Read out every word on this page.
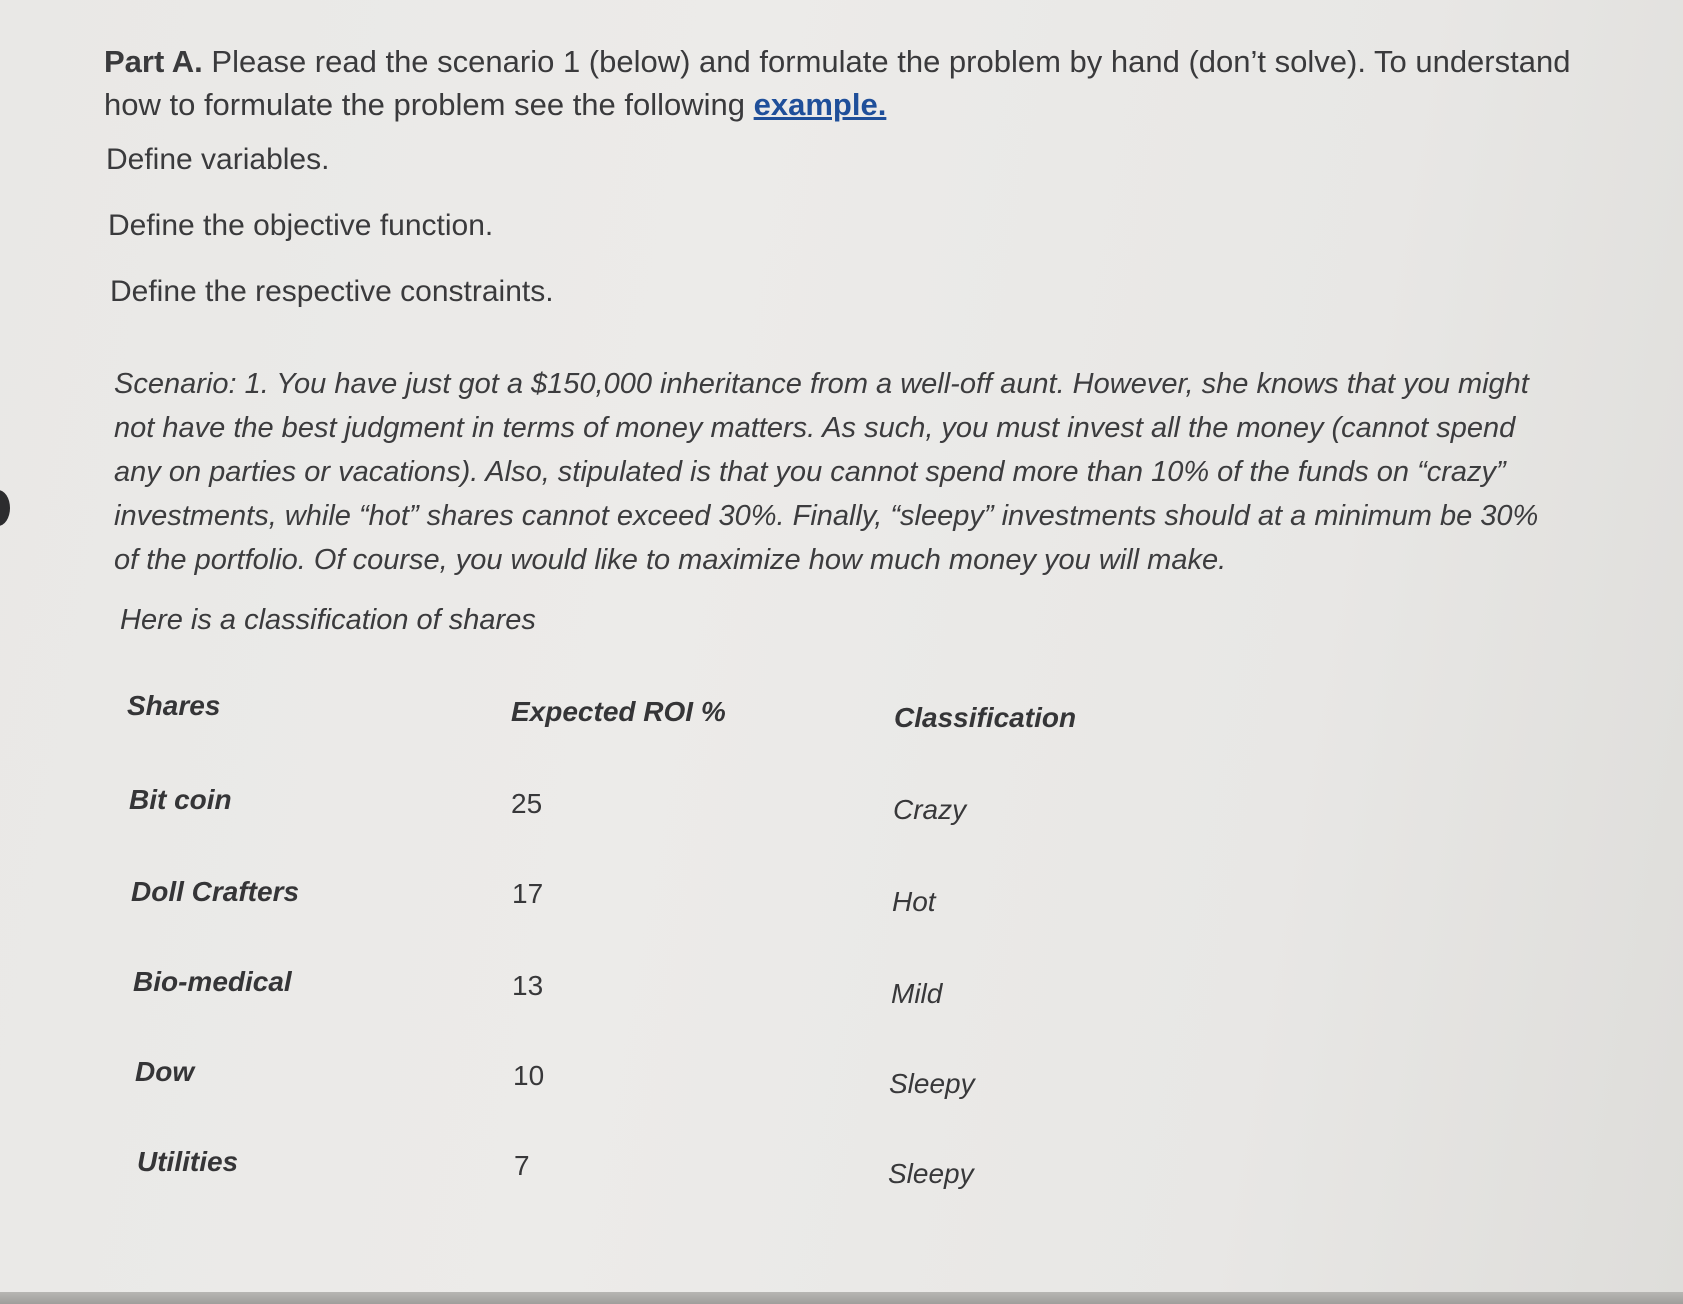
Part A. Please read the scenario 1 (below) and formulate the problem by hand (don’t solve). To understand how to formulate the problem see the following example.
Define variables.
Define the objective function.
Define the respective constraints.
Scenario: 1. You have just got a $150,000 inheritance from a well-off aunt. However, she knows that you might not have the best judgment in terms of money matters. As such, you must invest all the money (cannot spend any on parties or vacations). Also, stipulated is that you cannot spend more than 10% of the funds on “crazy” investments, while “hot” shares cannot exceed 30%. Finally, “sleepy” investments should at a minimum be 30% of the portfolio. Of course, you would like to maximize how much money you will make.
Here is a classification of shares
Shares	Expected ROI %	Classification
Bit coin	25	Crazy
Doll Crafters	17	Hot
Bio-medical	13	Mild
Dow	10	Sleepy
Utilities	7	Sleepy
